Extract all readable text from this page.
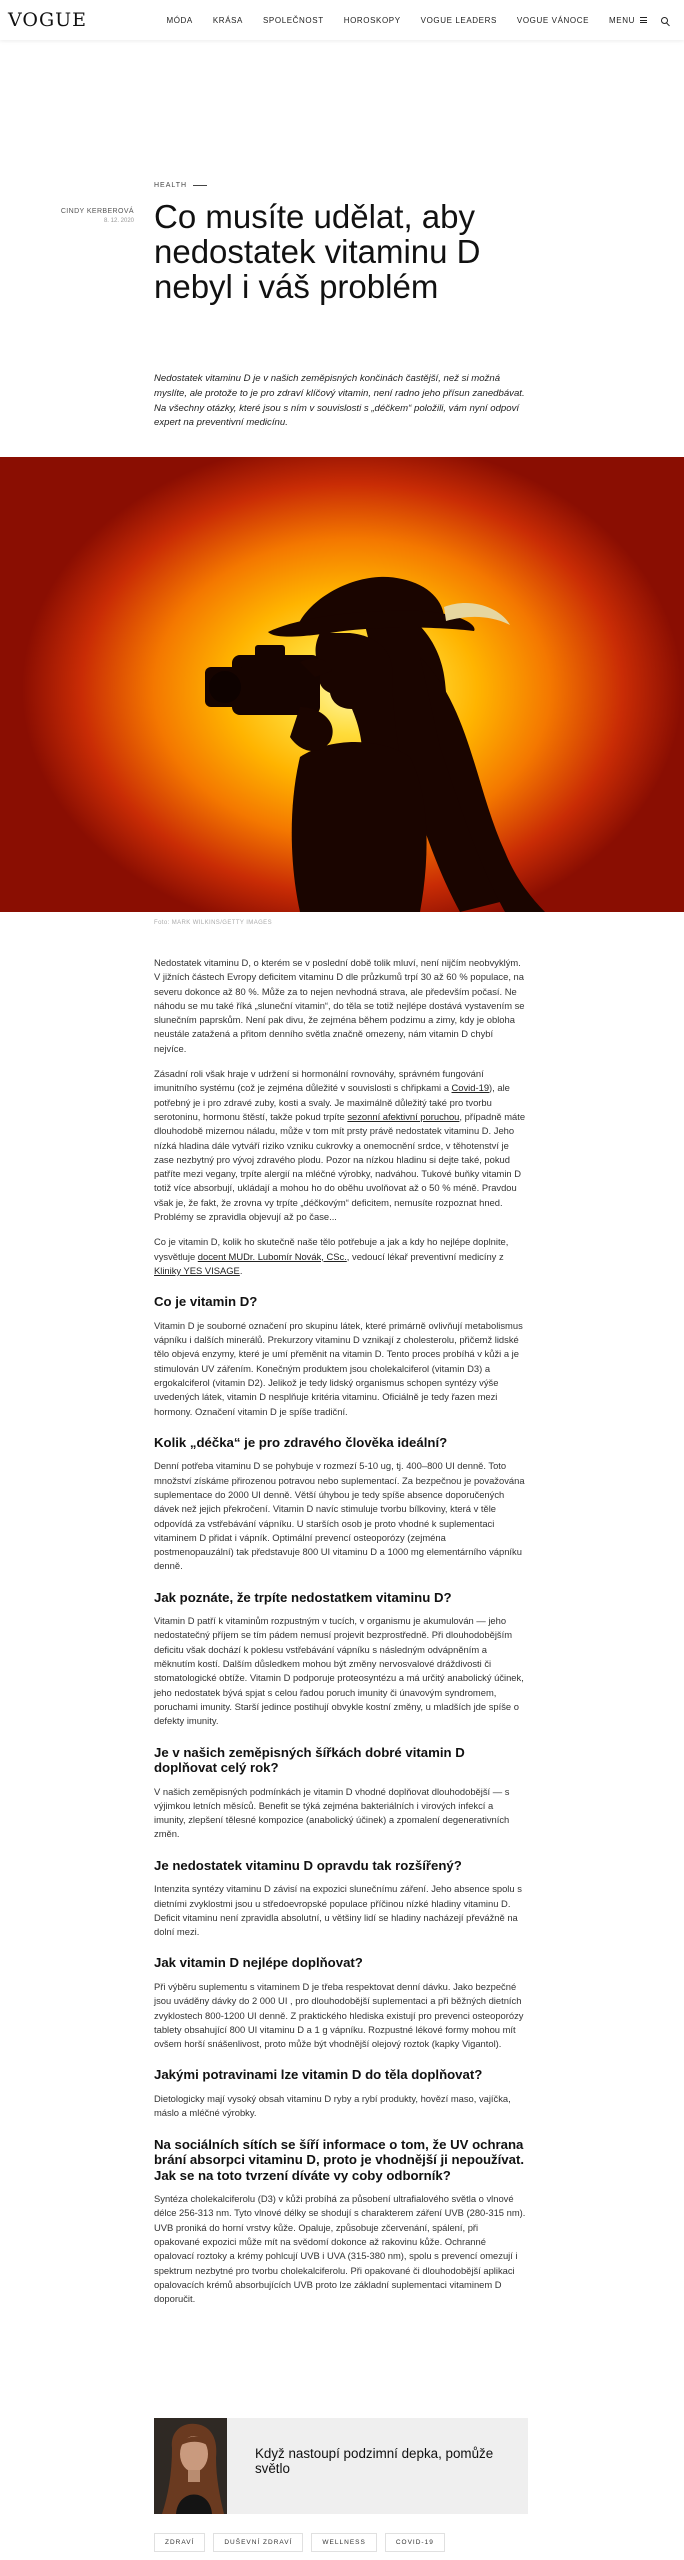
VOGUE	MÓDA	KRÁSA	SPOLEČNOST	HOROSKOPY	VOGUE LEADERS	VOGUE VÁNOCE	MENU
HEALTH
CINDY KERBEROVÁ
8. 12. 2020 Co musíte udělat, aby nedostatek vitaminu D nebyl i váš problém
Nedostatek vitaminu D je v našich zeměpisných končinách častější, než si možná myslíte, ale protože to je pro zdraví klíčový vitamin, není radno jeho přísun zanedbávat. Na všechny otázky, které jsou s ním v souvislosti s „déčkem“ položili, vám nyní odpoví expert na preventivní medicínu.
Foto: MARK WILKINS/GETTY IMAGES

Nedostatek vitaminu D, o kterém se v poslední době tolik mluví, není nijčím neobvyklým. V jižních částech Evropy deficitem vitaminu D dle průzkumů trpí 30 až 60 % populace, na severu dokonce až 80 %. Může za to nejen nevhodná strava, ale především počasí. Ne náhodu se mu také říká „sluneční vitamin“, do těla se totiž nejlépe dostává vystavením se slunečním paprskům. Není pak divu, že zejména během podzimu a zimy, kdy je obloha neustále zatažená a přitom denního světla značně omezeny, nám vitamin D chybí nejvíce.

Zásadní roli však hraje v udržení si hormonální rovnováhy, správném fungování imunitního systému (což je zejména důležité v souvislosti s chřipkami a Covid-19), ale potřebný je i pro zdravé zuby, kosti a svaly. Je maximálně důležitý také pro tvorbu serotoninu, hormonu štěstí, takže pokud trpíte sezonní afektivní poruchou, případně máte dlouhodobě mizernou náladu, může v tom mít prsty právě nedostatek vitaminu D. Jeho nízká hladina dále vytváří riziko vzniku cukrovky a onemocnění srdce, v těhotenství je zase nezbytný pro vývoj zdravého plodu. Pozor na nízkou hladinu si dejte také, pokud patříte mezi vegany, trpíte alergií na mléčné výrobky, nadváhou. Tukové buňky vitamin D totiž více absorbují, ukládají a mohou ho do oběhu uvolňovat až o 50 % méně. Pravdou však je, že fakt, že zrovna vy trpíte „déčkovým“ deficitem, nemusíte rozpoznat hned. Problémy se zpravidla objevují až po čase...

Co je vitamin D, kolik ho skutečně naše tělo potřebuje a jak a kdy ho nejlépe doplnite, vysvětluje docent MUDr. Lubomír Novák, CSc., vedoucí lékař preventivní medicíny z Kliniky YES VISAGE.

Co je vitamin D?

Vitamin D je souborné označení pro skupinu látek, které primárně ovlivňují metabolismus vápníku i dalších minerálů. Prekurzory vitaminu D vznikají z cholesterolu, přičemž lidské tělo objevá enzymy, které je umí přeměnit na vitamin D. Tento proces probíhá v kůži a je stimulován UV zářením. Konečným produktem jsou cholekalciferol (vitamin D3) a ergokalciferol (vitamin D2). Jelikož je tedy lidský organismus schopen syntézy výše uvedených látek, vitamin D nesplňuje kritéria vitaminu. Oficiálně je tedy řazen mezi hormony. Označení vitamin D je spíše tradiční.

Kolik „déčka“ je pro zdravého člověka ideální?

Denní potřeba vitaminu D se pohybuje v rozmezí 5-10 ug, tj. 400–800 UI denně. Toto množství získáme přirozenou potravou nebo suplementací. Za bezpečnou je považována suplementace do 2000 UI denně. Větší úhybou je tedy spíše absence doporučených dávek než jejich překročení. Vitamin D navíc stimuluje tvorbu bílkoviny, která v těle odpovídá za vstřebávání vápníku. U starších osob je proto vhodné k suplementaci vitaminem D přidat i vápník. Optimální prevencí osteoporózy (zejména postmenopauzální) tak představuje 800 UI vitaminu D a 1000 mg elementárního vápníku denně.

Jak poznáte, že trpíte nedostatkem vitaminu D?

Vitamin D patří k vitaminům rozpustným v tucích, v organismu je akumulován — jeho nedostatečný příjem se tím pádem nemusí projevit bezprostředně. Při dlouhodobějším deficitu však dochází k poklesu vstřebávání vápníku s následným odvápněním a měknutím kostí. Dalším důsledkem mohou být změny nervosvalové dráždivosti či stomatologické obtíže. Vitamin D podporuje proteosyntézu a má určitý anabolický účinek, jeho nedostatek bývá spjat s celou řadou poruch imunity či únavovým syndromem, poruchami imunity. Starší jedince postihují obvykle kostní změny, u mladších jde spíše o defekty imunity.

Je v našich zeměpisných šířkách dobré vitamin D doplňovat celý rok?

V našich zeměpisných podmínkách je vitamin D vhodné doplňovat dlouhodobější — s výjimkou letních měsíců. Benefit se týká zejména bakteriálních i virových infekcí a imunity, zlepšení tělesné kompozice (anabolický účinek) a zpomalení degenerativních změn.

Je nedostatek vitaminu D opravdu tak rozšířený?

Intenzita syntézy vitaminu D závisí na expozici slunečnímu záření. Jeho absence spolu s dietními zvyklostmi jsou u středoevropské populace příčinou nízké hladiny vitaminu D. Deficit vitaminu není zpravidla absolutní, u většiny lidí se hladiny nacházejí převážně na dolní mezi.

Jak vitamin D nejlépe doplňovat?

Při výběru suplementu s vitaminem D je třeba respektovat denní dávku. Jako bezpečné jsou uváděny dávky do 2 000 UI , pro dlouhodobější suplementaci a při běžných dietních zvyklostech 800-1200 UI denně. Z praktického hlediska existují pro prevenci osteoporózy tablety obsahující 800 UI vitaminu D a 1 g vápníku. Rozpustné lékové formy mohou mít ovšem horší snášenlivost, proto může být vhodnější olejový roztok (kapky Vigantol).

Jakými potravinami lze vitamin D do těla doplňovat?

Dietologicky mají vysoký obsah vitaminu D ryby a rybí produkty, hovězí maso, vajíčka, máslo a mléčné výrobky.

Na sociálních sítích se šíří informace o tom, že UV ochrana brání absorpci vitaminu D, proto je vhodnější ji nepoužívat. Jak se na toto tvrzení díváte vy coby odborník?

Syntéza cholekalciferolu (D3) v kůži probíhá za působení ultrafialového světla o vlnové délce 256-313 nm. Tyto vlnové délky se shodují s charakterem záření UVB (280-315 nm). UVB proniká do horní vrstvy kůže. Opaluje, způsobuje zčervenání, spálení, při opakované expozici může mít na svědomí dokonce až rakovinu kůže. Ochranné opalovací roztoky a krémy pohlcují UVB i UVA (315-380 nm), spolu s prevencí omezují i spektrum nezbytné pro tvorbu cholekalciferolu. Při opakované či dlouhodobější aplikaci opalovacích krémů absorbujících UVB proto lze základní suplementaci vitaminem D doporučit.

Když nastoupí podzimní depka, pomůže světlo
ZDRAVÍ	DUŠEVNÍ ZDRAVÍ	WELLNESS	COVID-19
